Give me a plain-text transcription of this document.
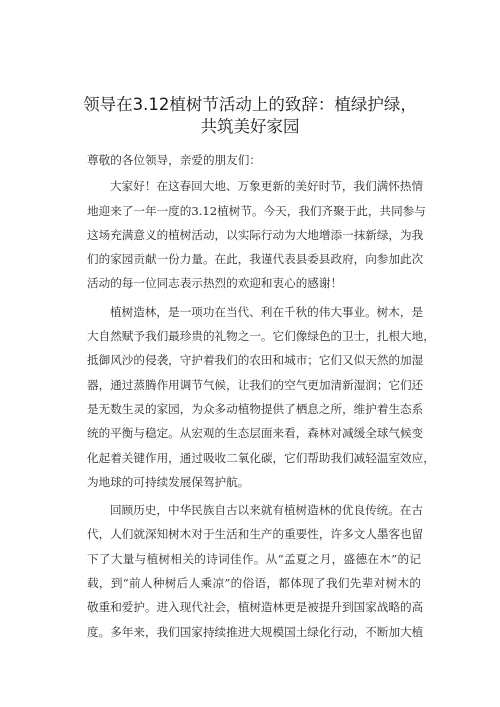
领导在3.12植树节活动上的致辞：植绿护绿，
共筑美好家园
尊敬的各位领导，亲爱的朋友们：
大家好！在这春回大地、万象更新的美好时节，我们满怀热情
地迎来了一年一度的3.12植树节。今天，我们齐聚于此，共同参与
这场充满意义的植树活动，以实际行动为大地增添一抹新绿，为我
们的家园贡献一份力量。在此，我谨代表县委县政府，向参加此次
活动的每一位同志表示热烈的欢迎和衷心的感谢！
植树造林，是一项功在当代、利在千秋的伟大事业。树木，是
大自然赋予我们最珍贵的礼物之一。它们像绿色的卫士，扎根大地，
抵御风沙的侵袭，守护着我们的农田和城市；它们又似天然的加湿
器，通过蒸腾作用调节气候，让我们的空气更加清新湿润；它们还
是无数生灵的家园，为众多动植物提供了栖息之所，维护着生态系
统的平衡与稳定。从宏观的生态层面来看，森林对减缓全球气候变
化起着关键作用，通过吸收二氧化碳，它们帮助我们减轻温室效应，
为地球的可持续发展保驾护航。
回顾历史，中华民族自古以来就有植树造林的优良传统。在古
代，人们就深知树木对于生活和生产的重要性，许多文人墨客也留
下了大量与植树相关的诗词佳作。从“孟夏之月，盛德在木”的记
载，到“前人种树后人乘凉”的俗语，都体现了我们先辈对树木的
敬重和爱护。进入现代社会，植树造林更是被提升到国家战略的高
度。多年来，我们国家持续推进大规模国土绿化行动，不断加大植
